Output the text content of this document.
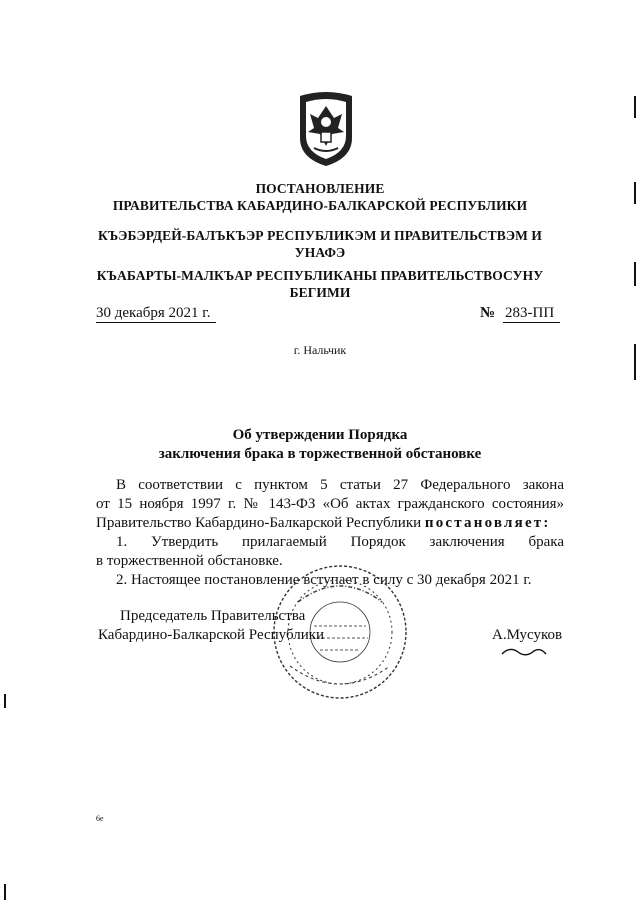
ПОСТАНОВЛЕНИЕ
ПРАВИТЕЛЬСТВА КАБАРДИНО-БАЛКАРСКОЙ РЕСПУБЛИКИ
КЪЭБЭРДЕЙ-БАЛЪКЪЭР РЕСПУБЛИКЭМ И ПРАВИТЕЛЬСТВЭМ И
УНАФЭ
КЪАБАРТЫ-МАЛКЪАР РЕСПУБЛИКАНЫ ПРАВИТЕЛЬСТВОСУНУ
БЕГИМИ
30 декабря 2021 г.	№ 283-ПП
г. Нальчик
Об утверждении Порядка
заключения брака в торжественной обстановке
В соответствии с пунктом 5 статьи 27 Федерального закона
от 15 ноября 1997 г. № 143-ФЗ «Об актах гражданского состояния»
Правительство Кабардино-Балкарской Республики постановляет:
1. Утвердить прилагаемый Порядок заключения брака
в торжественной обстановке.
2. Настоящее постановление вступает в силу с 30 декабря 2021 г.
Председатель Правительства
Кабардино-Балкарской Республики	А.Мусуков
6е
